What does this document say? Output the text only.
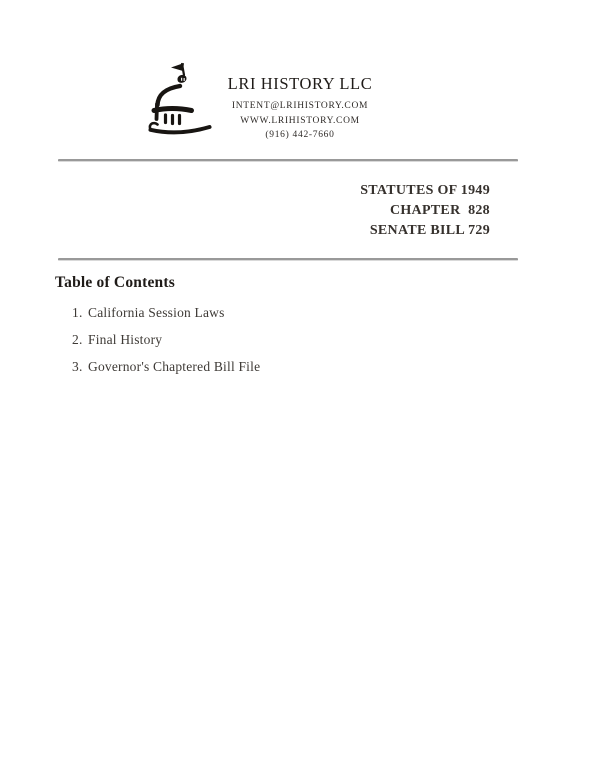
LRI HISTORY LLC
INTENT@LRIHISTORY.COM
WWW.LRIHISTORY.COM
(916) 442-7660
STATUTES OF 1949
CHAPTER  828
SENATE BILL 729
Table of Contents
1. California Session Laws
2. Final History
3. Governor's Chaptered Bill File
